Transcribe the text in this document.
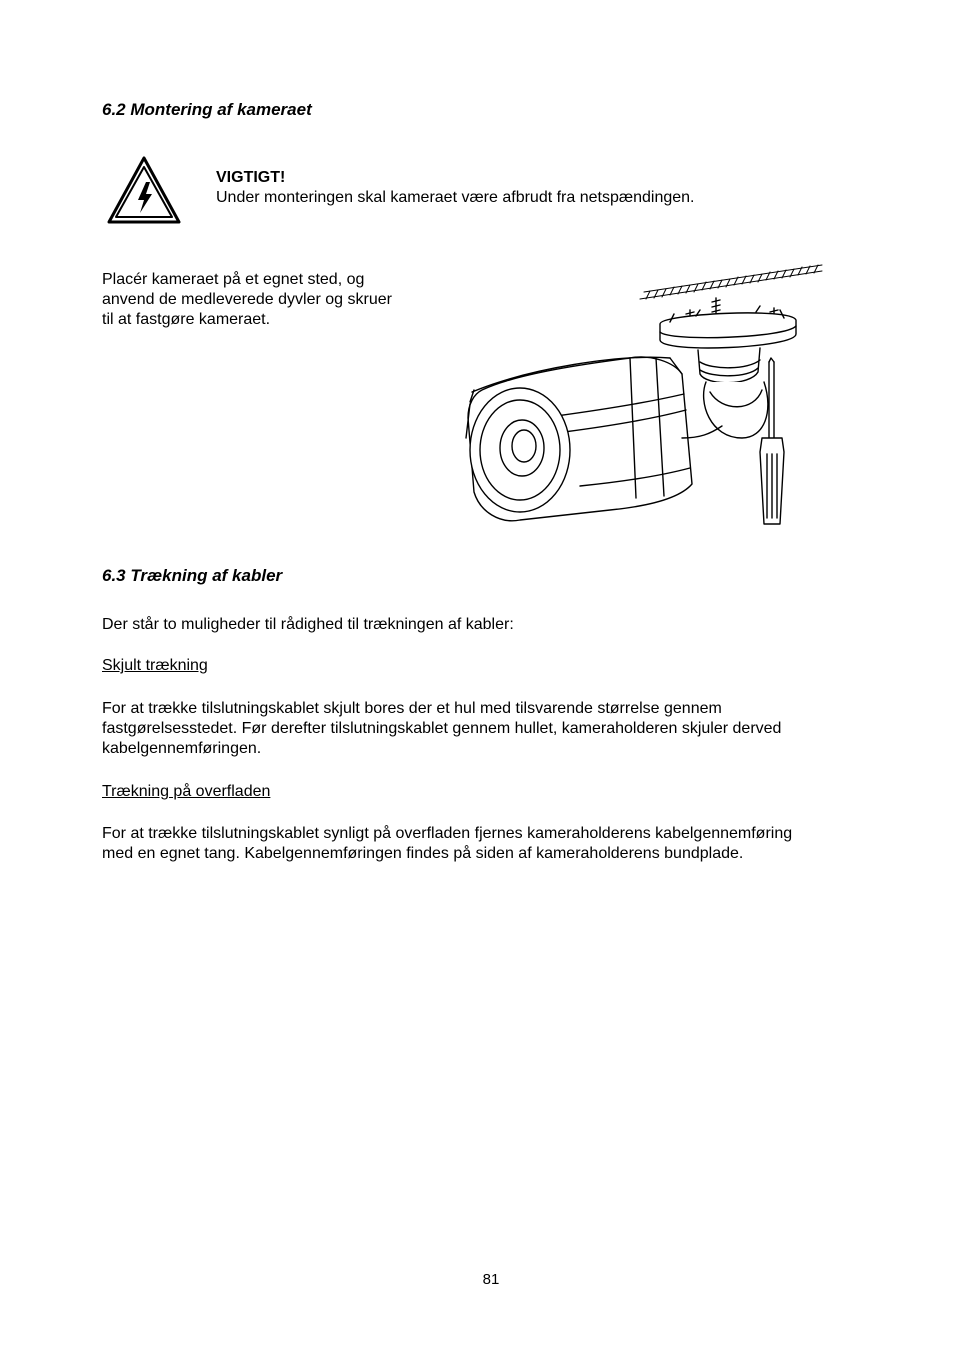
6.2 Montering af kameraet
VIGTIGT!
Under monteringen skal kameraet være afbrudt fra netspændingen.

Placér kameraet på et egnet sted, og

anvend de medleverede dyvler og skruer

til at fastgøre kameraet.

6.3 Trækning af kabler
Der står to muligheder til rådighed til trækningen af kabler:
Skjult trækning

For at trække tilslutningskablet skjult bores der et hul med tilsvarende størrelse gennem

fastgørelsesstedet. Før derefter tilslutningskablet gennem hullet, kameraholderen skjuler derved

kabelgennemføringen.

Trækning på overfladen

For at trække tilslutningskablet synligt på overfladen fjernes kameraholderens kabelgennemføring

med en egnet tang. Kabelgennemføringen findes på siden af kameraholderens bundplade.

81
